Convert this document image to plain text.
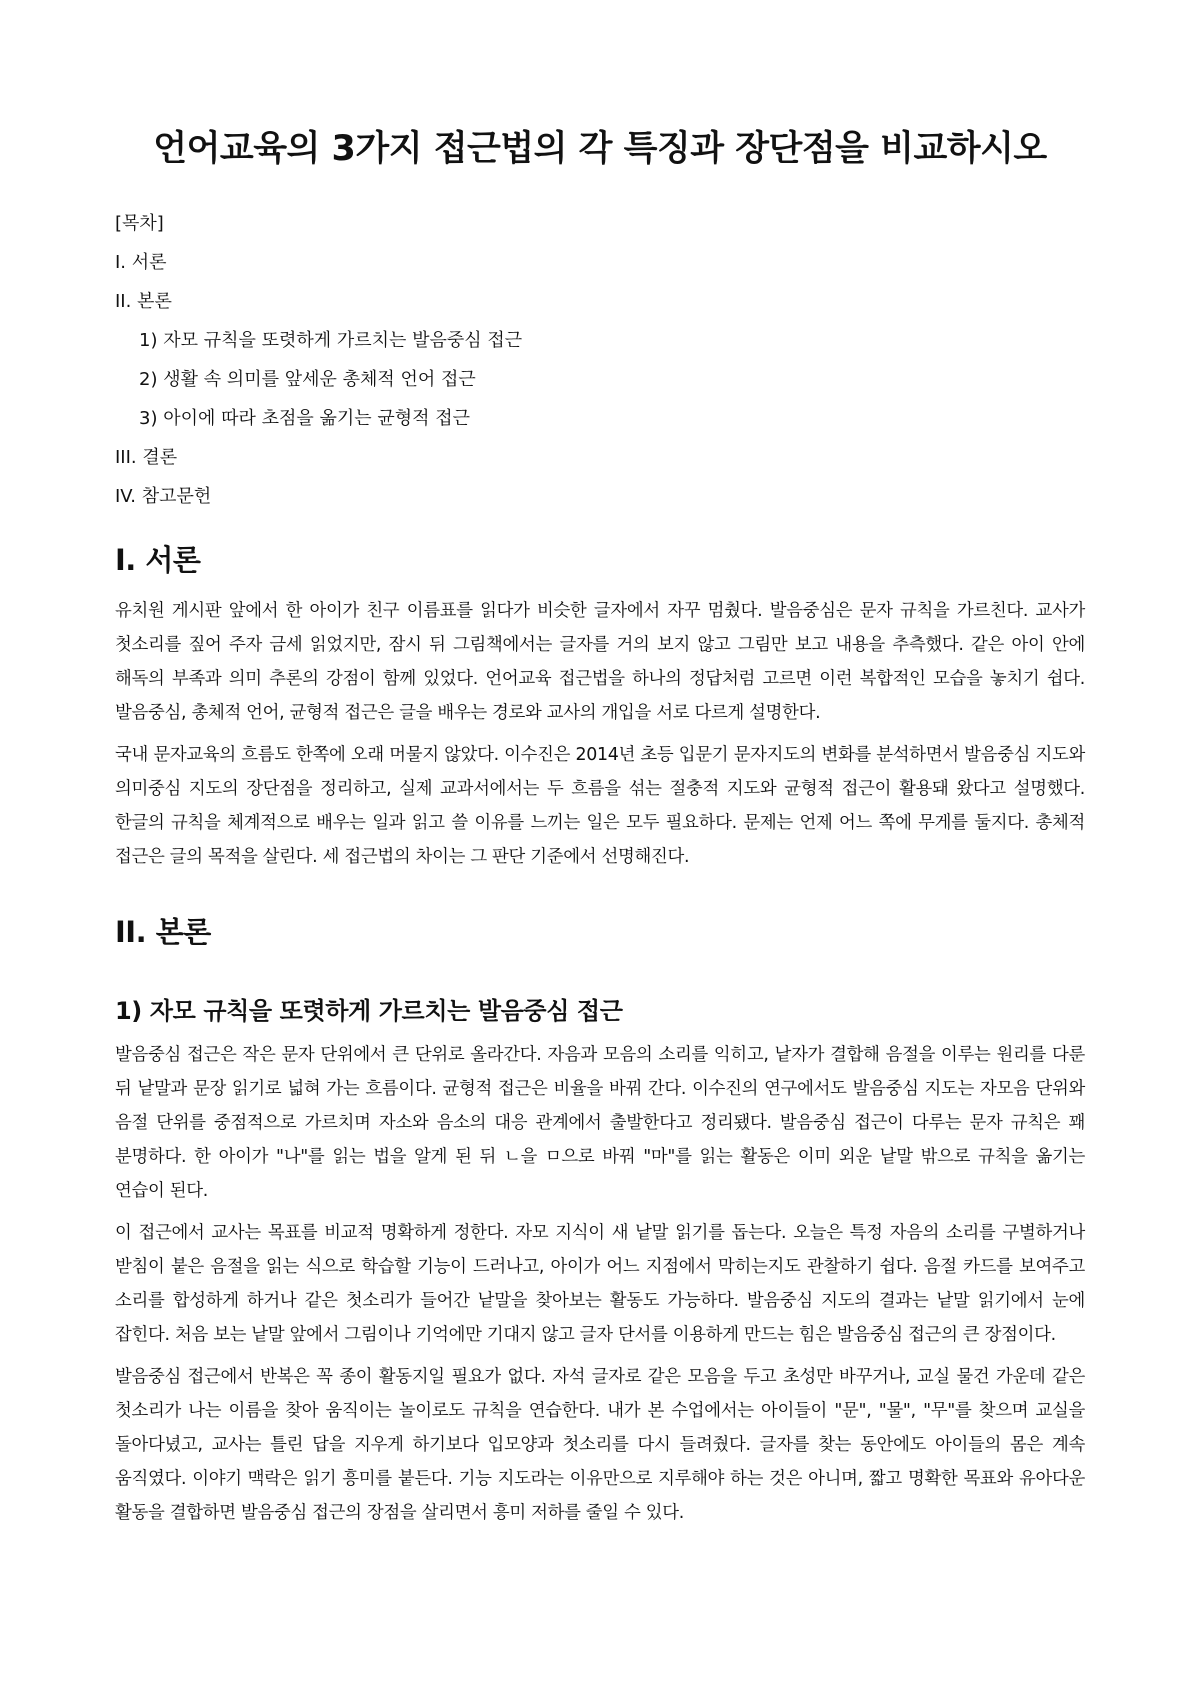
언어교육의 3가지 접근법의 각 특징과 장단점을 비교하시오
[목차]
I. 서론
II. 본론
1) 자모 규칙을 또렷하게 가르치는 발음중심 접근
2) 생활 속 의미를 앞세운 총체적 언어 접근
3) 아이에 따라 초점을 옮기는 균형적 접근
III. 결론
IV. 참고문헌
I. 서론

유치원 게시판 앞에서 한 아이가 친구 이름표를 읽다가 비슷한 글자에서 자꾸 멈췄다. 발음중심은 문자 규칙을 가르친다. 교사가 첫소리를 짚어 주자 금세 읽었지만, 잠시 뒤 그림책에서는 글자를 거의 보지 않고 그림만 보고 내용을 추측했다. 같은 아이 안에 해독의 부족과 의미 추론의 강점이 함께 있었다. 언어교육 접근법을 하나의 정답처럼 고르면 이런 복합적인 모습을 놓치기 쉽다. 발음중심, 총체적 언어, 균형적 접근은 글을 배우는 경로와 교사의 개입을 서로 다르게 설명한다.

국내 문자교육의 흐름도 한쪽에 오래 머물지 않았다. 이수진은 2014년 초등 입문기 문자지도의 변화를 분석하면서 발음중심 지도와 의미중심 지도의 장단점을 정리하고, 실제 교과서에서는 두 흐름을 섞는 절충적 지도와 균형적 접근이 활용돼 왔다고 설명했다. 한글의 규칙을 체계적으로 배우는 일과 읽고 쓸 이유를 느끼는 일은 모두 필요하다. 문제는 언제 어느 쪽에 무게를 둘지다. 총체적 접근은 글의 목적을 살린다. 세 접근법의 차이는 그 판단 기준에서 선명해진다.

II. 본론
1) 자모 규칙을 또렷하게 가르치는 발음중심 접근

발음중심 접근은 작은 문자 단위에서 큰 단위로 올라간다. 자음과 모음의 소리를 익히고, 낱자가 결합해 음절을 이루는 원리를 다룬 뒤 낱말과 문장 읽기로 넓혀 가는 흐름이다. 균형적 접근은 비율을 바꿔 간다. 이수진의 연구에서도 발음중심 지도는 자모음 단위와 음절 단위를 중점적으로 가르치며 자소와 음소의 대응 관계에서 출발한다고 정리됐다. 발음중심 접근이 다루는 문자 규칙은 꽤 분명하다. 한 아이가 "나"를 읽는 법을 알게 된 뒤 ㄴ을 ㅁ으로 바꿔 "마"를 읽는 활동은 이미 외운 낱말 밖으로 규칙을 옮기는 연습이 된다.

이 접근에서 교사는 목표를 비교적 명확하게 정한다. 자모 지식이 새 낱말 읽기를 돕는다. 오늘은 특정 자음의 소리를 구별하거나 받침이 붙은 음절을 읽는 식으로 학습할 기능이 드러나고, 아이가 어느 지점에서 막히는지도 관찰하기 쉽다. 음절 카드를 보여주고 소리를 합성하게 하거나 같은 첫소리가 들어간 낱말을 찾아보는 활동도 가능하다. 발음중심 지도의 결과는 낱말 읽기에서 눈에 잡힌다. 처음 보는 낱말 앞에서 그림이나 기억에만 기대지 않고 글자 단서를 이용하게 만드는 힘은 발음중심 접근의 큰 장점이다.

발음중심 접근에서 반복은 꼭 종이 활동지일 필요가 없다. 자석 글자로 같은 모음을 두고 초성만 바꾸거나, 교실 물건 가운데 같은 첫소리가 나는 이름을 찾아 움직이는 놀이로도 규칙을 연습한다. 내가 본 수업에서는 아이들이 "문", "물", "무"를 찾으며 교실을 돌아다녔고, 교사는 틀린 답을 지우게 하기보다 입모양과 첫소리를 다시 들려줬다. 글자를 찾는 동안에도 아이들의 몸은 계속 움직였다. 이야기 맥락은 읽기 흥미를 붙든다. 기능 지도라는 이유만으로 지루해야 하는 것은 아니며, 짧고 명확한 목표와 유아다운 활동을 결합하면 발음중심 접근의 장점을 살리면서 흥미 저하를 줄일 수 있다.
